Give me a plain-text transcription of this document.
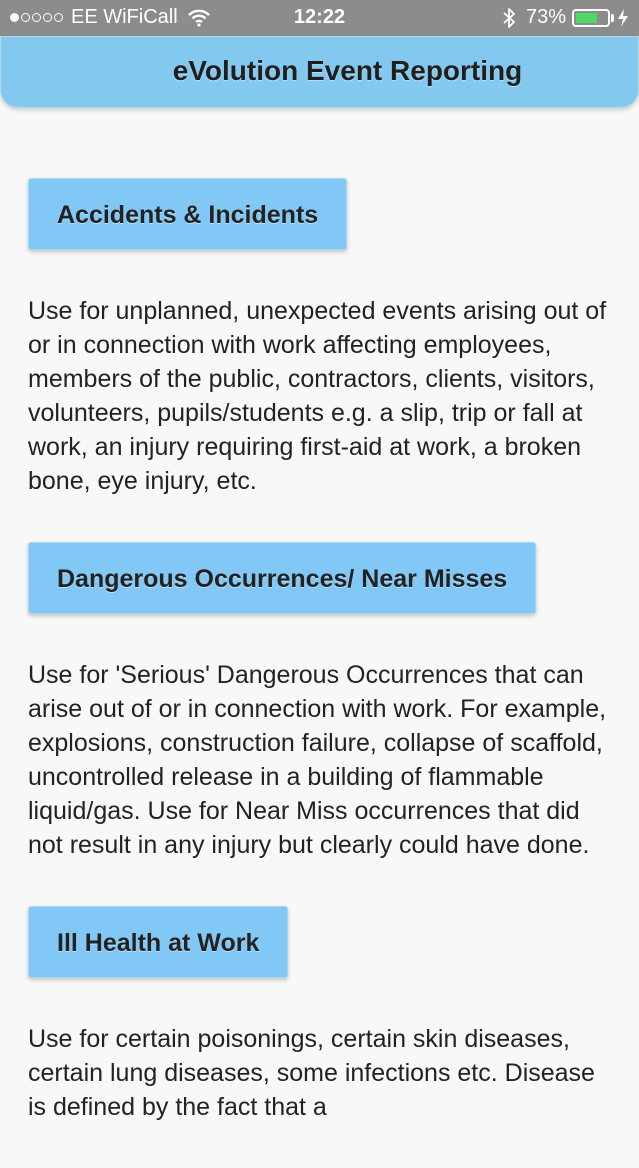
EE WiFiCall	12:22	73%
eVolution Event Reporting
Accidents & Incidents
Use for unplanned, unexpected events arising out of or in connection with work affecting employees, members of the public, contractors, clients, visitors, volunteers, pupils/students e.g. a slip, trip or fall at work, an injury requiring first-aid at work, a broken bone, eye injury, etc.
Dangerous Occurrences/ Near Misses
Use for 'Serious' Dangerous Occurrences that can arise out of or in connection with work. For example, explosions, construction failure, collapse of scaffold, uncontrolled release in a building of flammable liquid/gas. Use for Near Miss occurrences that did not result in any injury but clearly could have done.
Ill Health at Work
Use for certain poisonings, certain skin diseases, certain lung diseases, some infections etc. Disease is defined by the fact that a
